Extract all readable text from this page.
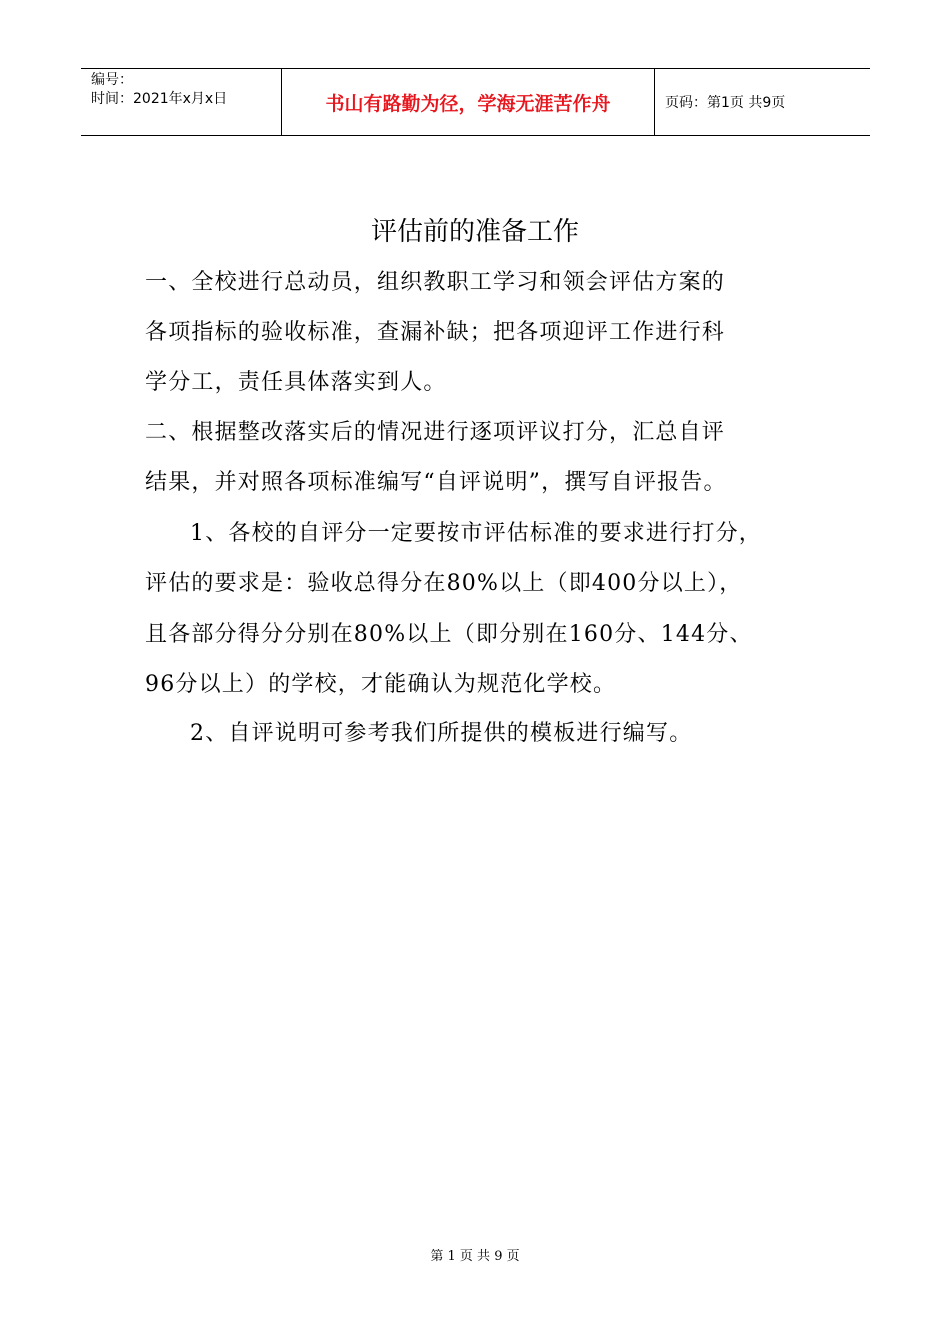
编号：
时间：2021年x月x日	书山有路勤为径，学海无涯苦作舟	页码：第1页 共9页
评估前的准备工作
一、全校进行总动员，组织教职工学习和领会评估方案的
各项指标的验收标准，查漏补缺；把各项迎评工作进行科
学分工，责任具体落实到人。
二、根据整改落实后的情况进行逐项评议打分，汇总自评
结果，并对照各项标准编写“自评说明”，撰写自评报告。
1、各校的自评分一定要按市评估标准的要求进行打分，
评估的要求是：验收总得分在80%以上（即400分以上），
且各部分得分分别在80%以上（即分别在160分、144分、
96分以上）的学校，才能确认为规范化学校。
2、自评说明可参考我们所提供的模板进行编写。
第 1 页 共 9 页
